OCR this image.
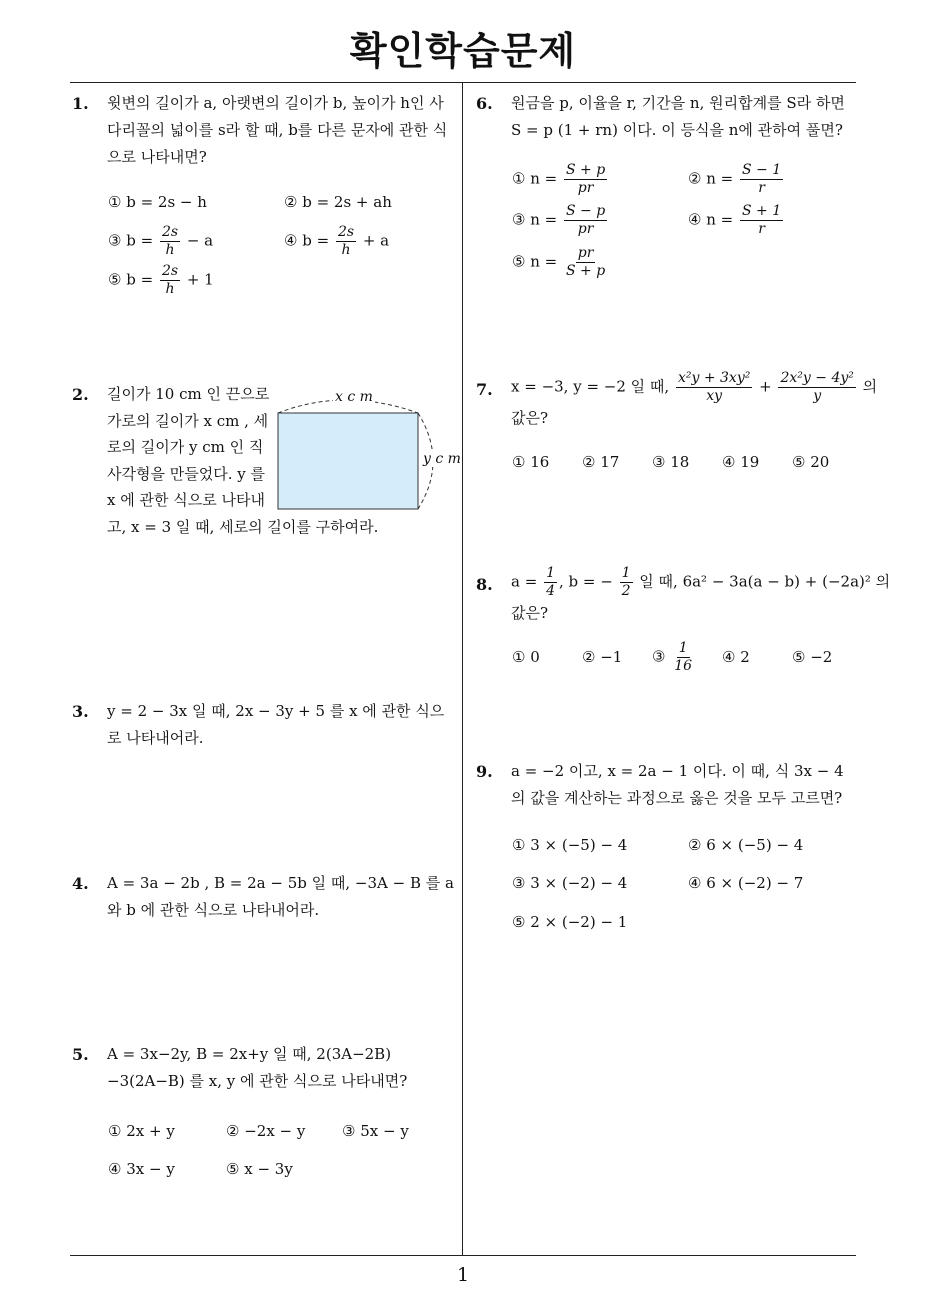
확인학습문제
1
1. 윗변의 길이가 a, 아랫변의 길이가 b, 높이가 h인 사다리꼴의 넓이를 s라 할 때, b를 다른 문자에 관한 식으로 나타내면?
① b = 2s − h	② b = 2s + ah
③ $b = \frac{2s}{h} - a$	④ $b = \frac{2s}{h} + a$
⑤ $b = \frac{2s}{h} + 1$
2. 길이가 10 cm 인 끈으로
가로의 길이가 x cm , 세
로의 길이가 y cm 인 직
사각형을 만들었다. y 를
x 에 관한 식으로 나타내
고, x = 3 일 때, 세로의 길이를 구하여라.
x c m
y c m
3. y = 2 − 3x 일 때, 2x − 3y + 5 를 x 에 관한 식으로 나타내어라.
4. A = 3a − 2b , B = 2a − 5b 일 때, −3A − B 를 a 와 b 에 관한 식으로 나타내어라.
5. A = 3x−2y, B = 2x+y 일 때, 2(3A−2B)−3(2A−B) 를 x, y 에 관한 식으로 나타내면?
① 2x + y	② −2x − y ③ 5x − y
④ 3x − y	⑤ x − 3y
6. 원금을 p, 이율을 r, 기간을 n, 원리합계를 S라 하면 S = p (1 + rn) 이다. 이 등식을 n에 관하여 풀면?
① $n = \frac{S + p}{pr}$	② $n = \frac{S - 1}{r}$
③ $n = \frac{S - p}{pr}$	④ $n = \frac{S + 1}{r}$
⑤ $n = \frac{pr}{S + p}$
7. x = −3, y = −2 일 때, $\frac{\text{x²y + 3xy²}}{xy} + \frac{\text{2x²y − 4y²}}{y}$ 의
값은?
① 16 ② 17 ③ 18 ④ 19 ⑤ 20
8. $a = \frac{1}{4}$ , b = − $\frac{1}{2}$ 일 때, 6a² − 3a(a − b) + (−2a)² 의
값은?
① 0	② −1 ③ $\frac{1}{16}$ ④ 2	⑤ −2
9. a = −2 이고, x = 2a − 1 이다. 이 때, 식 3x − 4 의 값을 계산하는 과정으로 옳은 것을 모두 고르면?
① 3 × (−5) − 4	② 6 × (−5) − 4
③ 3 × (−2) − 4	④ 6 × (−2) − 7
⑤ 2 × (−2) − 1
